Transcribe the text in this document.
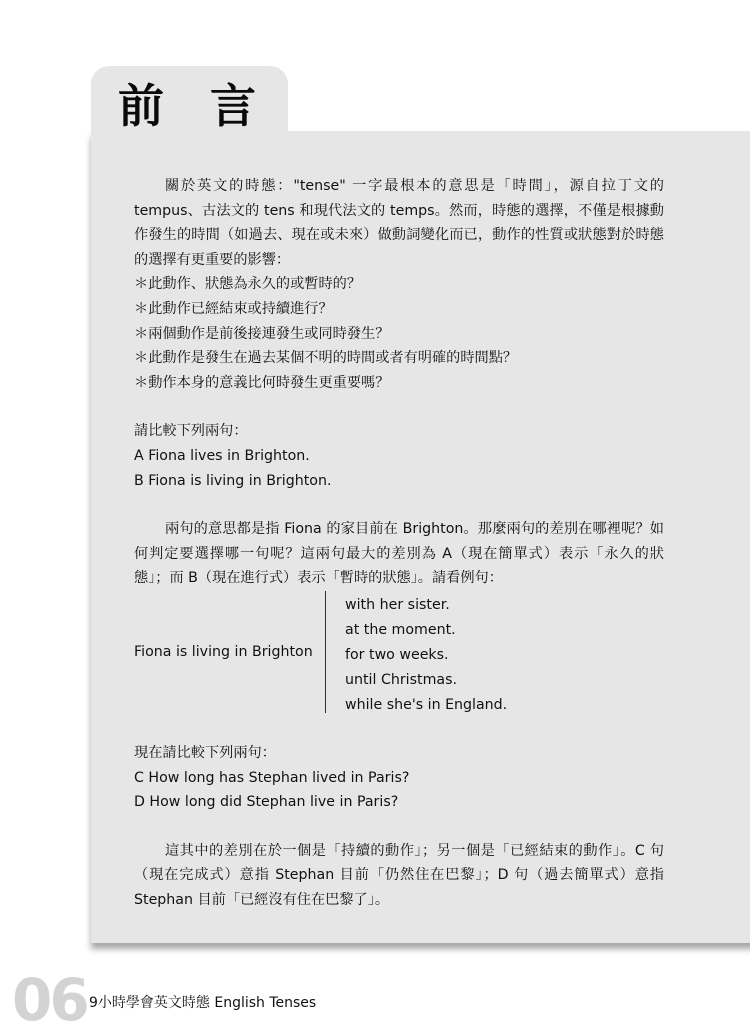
前言

關於英文的時態："tense" 一字最根本的意思是「時間」，源自拉丁文的 tempus、古法文的 tens 和現代法文的 temps。然而，時態的選擇，不僅是根據動作發生的時間（如過去、現在或未來）做動詞變化而已，動作的性質或狀態對於時態的選擇有更重要的影響：

＊此動作、狀態為永久的或暫時的？
＊此動作已經結束或持續進行？
＊兩個動作是前後接連發生或同時發生？
＊此動作是發生在過去某個不明的時間或者有明確的時間點？
＊動作本身的意義比何時發生更重要嗎？
請比較下列兩句：
A Fiona lives in Brighton.
B Fiona is living in Brighton.

兩句的意思都是指 Fiona 的家目前在 Brighton。那麼兩句的差別在哪裡呢？如何判定要選擇哪一句呢？這兩句最大的差別為 A（現在簡單式）表示「永久的狀態」；而 B（現在進行式）表示「暫時的狀態」。請看例句：

Fiona is living in Brighton
with her sister.
at the moment.
for two weeks.
until Christmas.
while she's in England.
現在請比較下列兩句：
C How long has Stephan lived in Paris?
D How long did Stephan live in Paris?

這其中的差別在於一個是「持續的動作」；另一個是「已經結束的動作」。C 句（現在完成式）意指 Stephan 目前「仍然住在巴黎」；D 句（過去簡單式）意指 Stephan 目前「已經沒有住在巴黎了」。

06 9小時學會英文時態 English Tenses
